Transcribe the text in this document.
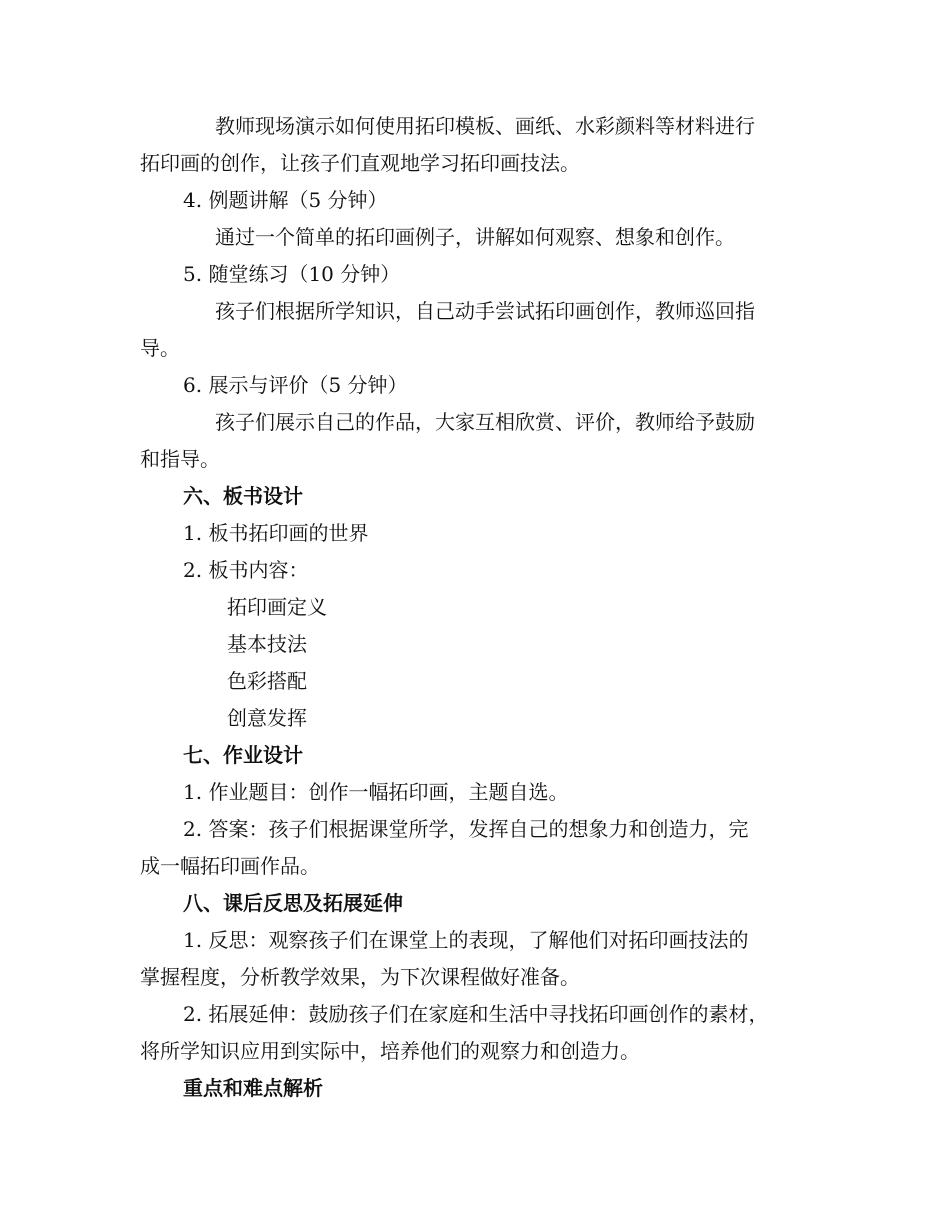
教师现场演示如何使用拓印模板、画纸、水彩颜料等材料进行
拓印画的创作，让孩子们直观地学习拓印画技法。
4. 例题讲解（5 分钟）
通过一个简单的拓印画例子，讲解如何观察、想象和创作。
5. 随堂练习（10 分钟）
孩子们根据所学知识，自己动手尝试拓印画创作，教师巡回指
导。
6. 展示与评价（5 分钟）
孩子们展示自己的作品，大家互相欣赏、评价，教师给予鼓励
和指导。
六、板书设计
1. 板书拓印画的世界
2. 板书内容：
拓印画定义
基本技法
色彩搭配
创意发挥
七、作业设计
1. 作业题目：创作一幅拓印画，主题自选。
2. 答案：孩子们根据课堂所学，发挥自己的想象力和创造力，完
成一幅拓印画作品。
八、课后反思及拓展延伸
1. 反思：观察孩子们在课堂上的表现，了解他们对拓印画技法的
掌握程度，分析教学效果，为下次课程做好准备。
2. 拓展延伸：鼓励孩子们在家庭和生活中寻找拓印画创作的素材，
将所学知识应用到实际中，培养他们的观察力和创造力。
重点和难点解析
